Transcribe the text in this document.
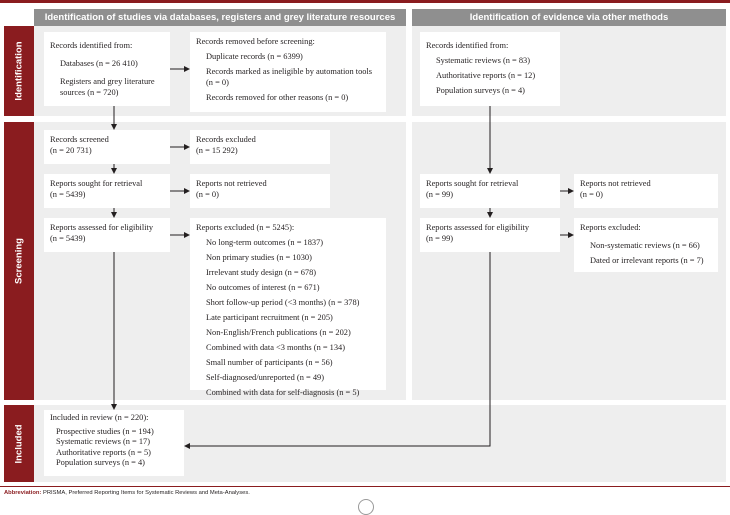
Identification of studies via databases, registers and grey literature resources	Identification of evidence via other methods
Identification
Screening
Included
Records identified from:
Databases (n = 26 410)
Registers and grey literature
sources (n = 720)
Records removed before screening:
Duplicate records (n = 6399)
Records marked as ineligible by automation tools
(n = 0)
Records removed for other reasons (n = 0)
Records identified from:
Systematic reviews (n = 83)
Authoritative reports (n = 12)
Population surveys (n = 4)
Records screened
(n = 20 731)
Records excluded
(n = 15 292)
Reports sought for retrieval
(n = 5439)
Reports not retrieved
(n = 0)
Reports assessed for eligibility
(n = 5439)
Reports excluded (n = 5245):
No long-term outcomes (n = 1837)
Non primary studies (n = 1030)
Irrelevant study design (n = 678)
No outcomes of interest (n = 671)
Short follow-up period (<3 months) (n = 378)
Late participant recruitment (n = 205)
Non-English/French publications (n = 202)
Combined with data <3 months (n = 134)
Small number of participants (n = 56)
Self-diagnosed/unreported (n = 49)
Combined with data for self-diagnosis (n = 5)
Reports sought for retrieval
(n = 99)
Reports not retrieved
(n = 0)
Reports assessed for eligibility
(n = 99)
Reports excluded:
Non-systematic reviews (n = 66)
Dated or irrelevant reports (n = 7)
Included in review (n = 220):
Prospective studies (n = 194)
Systematic reviews (n = 17)
Authoritative reports (n = 5)
Population surveys (n = 4)
Abbreviation: PRISMA, Preferred Reporting Items for Systematic Reviews and Meta-Analyses.
